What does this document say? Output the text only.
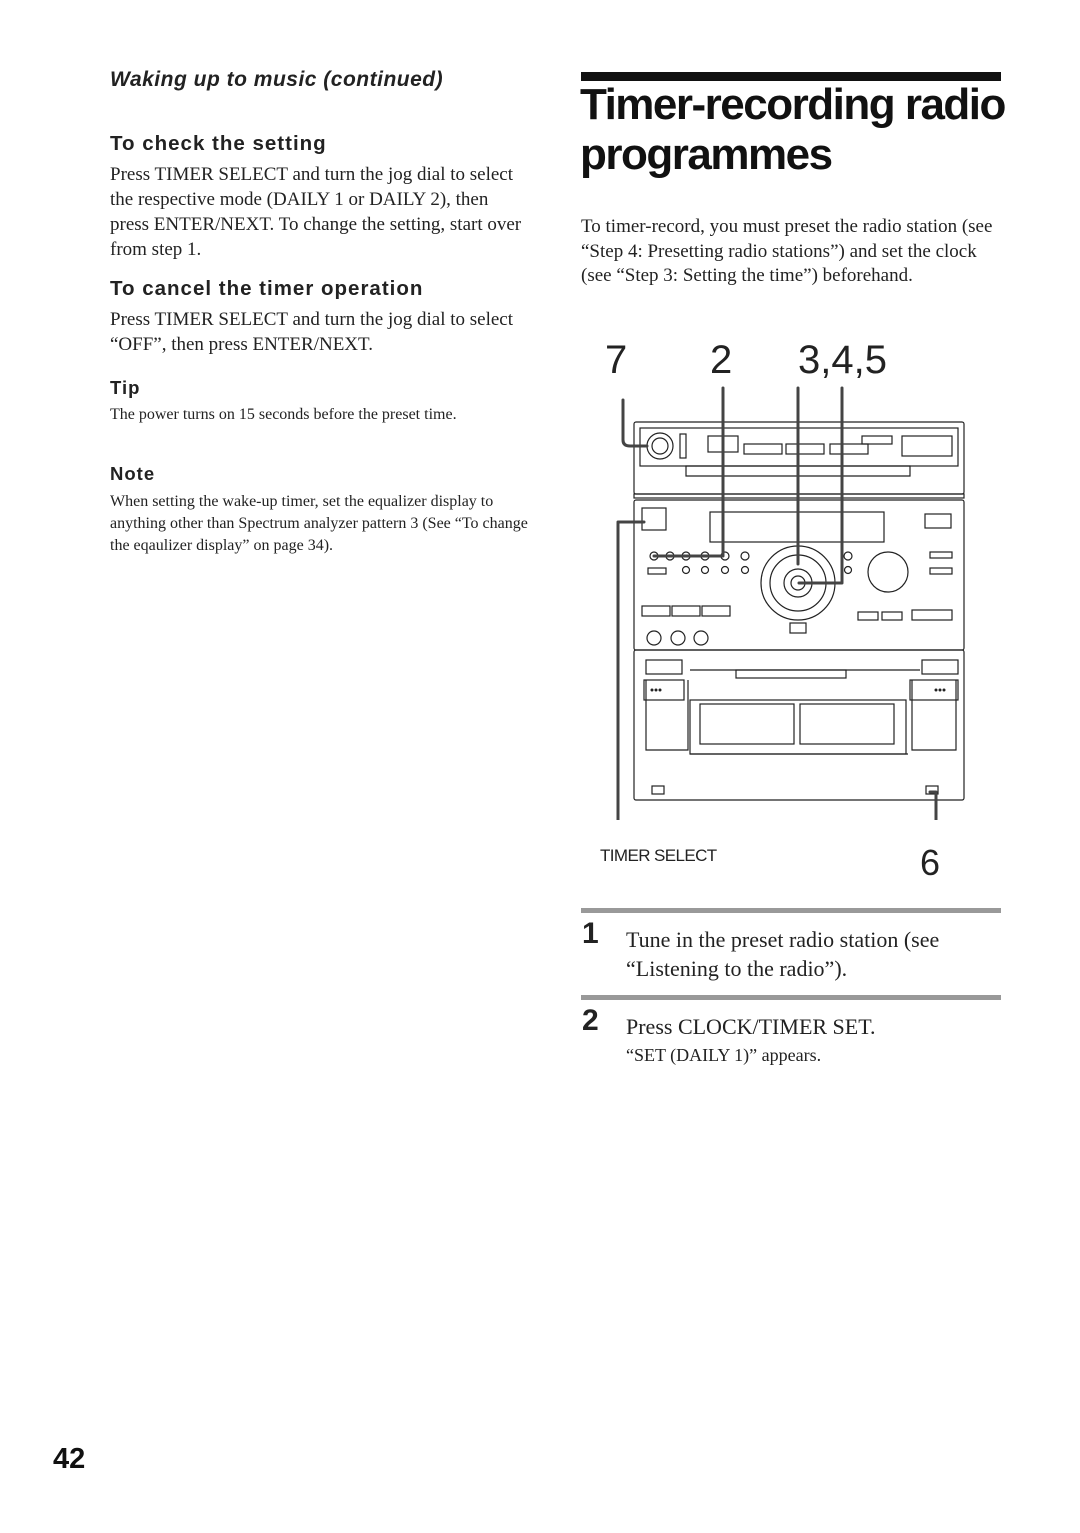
Waking up to music (continued)
To check the setting
Press TIMER SELECT and turn the jog dial to select the respective mode (DAILY 1 or DAILY 2), then press ENTER/NEXT. To change the setting, start over from step 1.
To cancel the timer operation
Press TIMER SELECT and turn the jog dial to select “OFF”, then press ENTER/NEXT.
Tip
The power turns on 15 seconds before the preset time.
Note
When setting the wake-up timer, set the equalizer display to anything other than Spectrum analyzer pattern 3 (See “To change the eqaulizer display” on page 34).
Timer-recording radio
programmes
To timer-record, you must preset the radio station (see “Step 4: Presetting radio stations”) and set the clock (see “Step 3: Setting the time”) beforehand.
7 2 3,4,5
TIMER SELECT	6
1 Tune in the preset radio station (see “Listening to the radio”).
2 Press CLOCK/TIMER SET.
“SET (DAILY 1)” appears.
42
